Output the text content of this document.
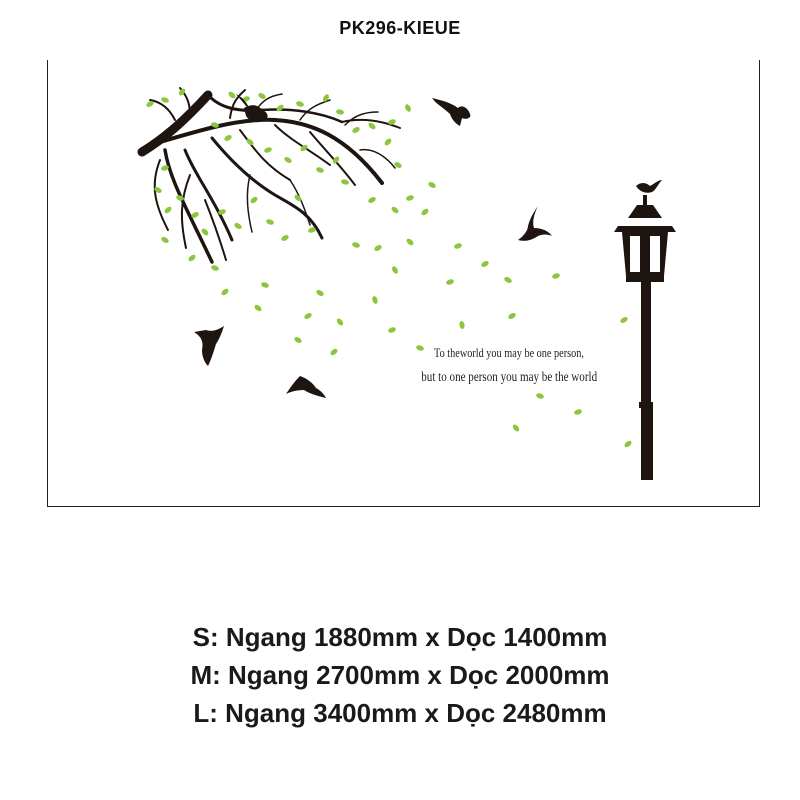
PK296-KIEUE
To theworld you may be one person,
but to one person you may be the world
S: Ngang 1880mm x Dọc 1400mm
M: Ngang 2700mm x Dọc 2000mm
L: Ngang 3400mm x Dọc 2480mm
